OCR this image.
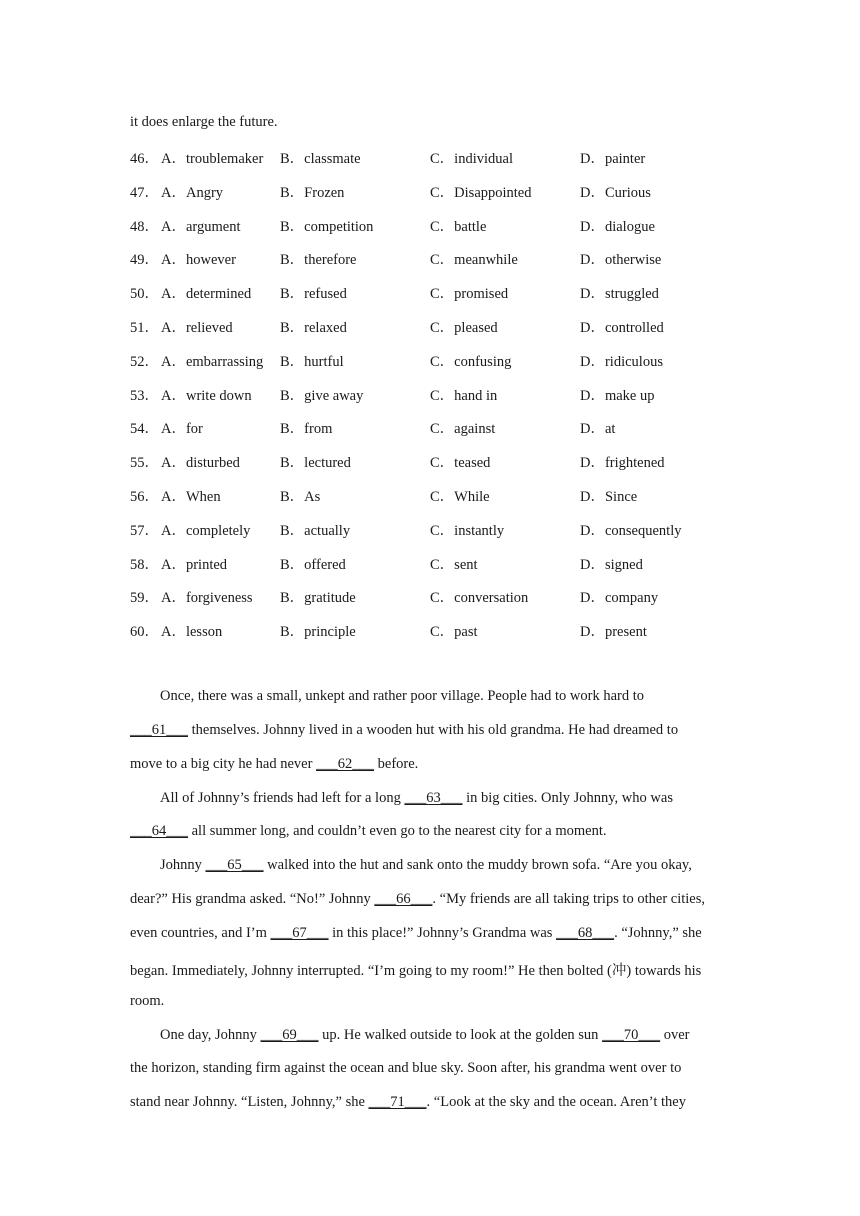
it does enlarge the future.
46． A．troublemaker B．classmate	C．individual	D．painter
47． A．Angry	B．Frozen	C．Disappointed	D．Curious
48． A．argument	B．competition	C．battle	D．dialogue
49． A．however	B．therefore	C．meanwhile	D．otherwise
50． A．determined B．refused	C．promised	D．struggled
51． A．relieved	B．relaxed	C．pleased	D．controlled
52． A．embarrassing B．hurtful	C．confusing	D．ridiculous
53． A．write down B．give away	C．hand in	D．make up
54． A．for	B．from	C．against	D．at
55． A．disturbed	B．lectured	C．teased	D．frightened
56． A．When	B．As	C．While	D．Since
57． A．completely B．actually	C．instantly	D．consequently
58． A．printed	B．offered	C．sent	D．signed
59． A．forgiveness B．gratitude	C．conversation	D．company
60． A．lesson	B．principle	C．past	D．present
Once, there was a small, unkept and rather poor village. People had to work hard to
___61___ themselves. Johnny lived in a wooden hut with his old grandma. He had dreamed to
move to a big city he had never ___62___ before.
All of Johnny’s friends had left for a long ___63___ in big cities. Only Johnny, who was
___64___ all summer long, and couldn’t even go to the nearest city for a moment.
Johnny ___65___ walked into the hut and sank onto the muddy brown sofa. “Are you okay,
dear?” His grandma asked. “No!” Johnny ___66___. “My friends are all taking trips to other cities,
even countries, and I’m ___67___ in this place!” Johnny’s Grandma was ___68___. “Johnny,” she
began. Immediately, Johnny interrupted. “I’m going to my room!” He then bolted (冲) towards his
room.
One day, Johnny ___69___ up. He walked outside to look at the golden sun ___70___ over
the horizon, standing firm against the ocean and blue sky. Soon after, his grandma went over to
stand near Johnny. “Listen, Johnny,” she ___71___. “Look at the sky and the ocean. Aren’t they
